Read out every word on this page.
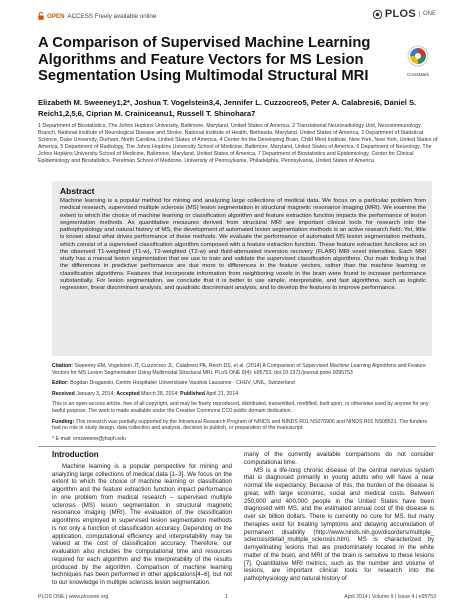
OPEN ACCESS Freely available online	PLOS	ONE
A Comparison of Supervised Machine Learning Algorithms and Feature Vectors for MS Lesion Segmentation Using Multimodal Structural MRI	CrossMark
Elizabeth M. Sweeney1,2*, Joshua T. Vogelstein3,4, Jennifer L. Cuzzocreo5, Peter A. Calabresi6, Daniel S. Reich1,2,5,6, Ciprian M. Crainiceanu1, Russell T. Shinohara7
1 Department of Biostatistics, The Johns Hopkins University, Baltimore, Maryland, United States of America, 2 Translational Neuroradiology Unit, Neuroimmunology Branch, National Institute of Neurological Disease and Stroke, National Institute of Health, Bethesda, Maryland, United States of America, 3 Department of Statistical Science, Duke University, Durham, North Carolina, United States of America, 4 Center for the Developing Brain, Child Mind Institute, New York, New York, United States of America, 5 Department of Radiology, The Johns Hopkins University School of Medicine, Baltimore, Maryland, United States of America, 6 Department of Neurology, The Johns Hopkins University School of Medicine, Baltimore, Maryland, United States of America, 7 Department of Biostatistics and Epidemiology, Center for Clinical Epidemiology and Biostatistics, Perelman School of Medicine, University of Pennsylvania, Philadelphia, Pennsylvania, United States of America
Abstract
Machine learning is a popular method for mining and analyzing large collections of medical data. We focus on a particular problem from medical research, supervised multiple sclerosis (MS) lesion segmentation in structural magnetic resonance imaging (MRI). We examine the extent to which the choice of machine learning or classification algorithm and feature extraction function impacts the performance of lesion segmentation methods. As quantitative measures derived from structural MRI are important clinical tools for research into the pathophysiology and natural history of MS, the development of automated lesion segmentation methods is an active research field. Yet, little is known about what drives performance of these methods. We evaluate the performance of automated MS lesion segmentation methods, which consist of a supervised classification algorithm composed with a feature extraction function. These feature extraction functions act on the observed T1-weighted (T1-w), T2-weighted (T2-w) and fluid-attenuated inversion recovery (FLAIR) MRI voxel intensities. Each MRI study has a manual lesion segmentation that we use to train and validate the supervised classification algorithms. Our main finding is that the differences in predictive performance are due more to differences in the feature vectors, rather than the machine learning or classification algorithms. Features that incorporate information from neighboring voxels in the brain were found to increase performance substantially. For lesion segmentation, we conclude that it is better to use simple, interpretable, and fast algorithms, such as logistic regression, linear discriminant analysis, and quadratic discriminant analysis, and to develop the features to improve performance.

Citation: Sweeney EM, Vogelstein JT, Cuzzocreo JL, Calabresi PA, Reich DS, et al. (2014) A Comparison of Supervised Machine Learning Algorithms and Feature Vectors for MS Lesion Segmentation Using Multimodal Structural MRI. PLoS ONE 9(4): e95753. doi:10.1371/journal.pone.0095753

Editor: Bogdan Draganski, Centre Hospitalier Universitaire Vaudois Lausanne - CHUV, UNIL, Switzerland

Received January 3, 2014; Accepted March 28, 2014; Published April 21, 2014

This is an open-access article, free of all copyright, and may be freely reproduced, distributed, transmitted, modified, built upon, or otherwise used by anyone for any lawful purpose. The work is made available under the Creative Commons CC0 public domain dedication.

Funding: This research was partially supported by the Intramural Research Program of NINDS and NINDS R01 NS070906 and NINDS R01 NS08521. The funders had no role in study design, data collection and analysis, decision to publish, or preparation of the manuscript.

* E-mail: emsweene@jhsph.edu

Introduction
Machine learning is a popular perspective for mining and analyzing large collections of medical data [1–3]. We focus on the extent to which the choice of machine learning or classification algorithm and the feature extraction function impact performance in one problem from medical research – supervised multiple sclerosis (MS) lesion segmentation in structural magnetic resonance imaging (MRI). The evaluation of the classification algorithms employed in supervised lesion segmentation methods is not only a function of classification accuracy. Depending on the application, computational efficiency and interpretability may be valued at the cost of classification accuracy. Therefore, our evaluation also includes the computational time and resources required for each algorithm and the interpretability of the results produced by the algorithm. Comparison of machine learning techniques has been performed in other applications[4–6], but not to our knowledge in multiple sclerosis lesion segmentation.
many of the currently available comparisons do not consider computational time.
MS is a life-long chronic disease of the central nervous system that is diagnosed primarily in young adults who will have a near normal life expectancy. Because of this, the burden of the disease is great, with large economic, social and medical costs. Between 250,000 and 400,000 people in the United States have been diagnosed with MS, and the estimated annual cost of the disease is over six billion dollars. There is currently no cure for MS, but many therapies exist for treating symptoms and delaying accumulation of permanent disability (http://www.ninds.nih.gov/disorders/multiple_ sclerosis/detail_multiple_sclerosis.htm). MS is characterized by demyelinating lesions that are predominately located in the white matter of the brain, and MRI of the brain is sensitive to these lesions [7]. Quantitative MRI metrics, such as the number and volume of lesions, are important clinical tools for research into the pathophysiology and natural history of
PLOS ONE | www.plosone.org	1	April 2014 | Volume 9 | Issue 4 | e95753
